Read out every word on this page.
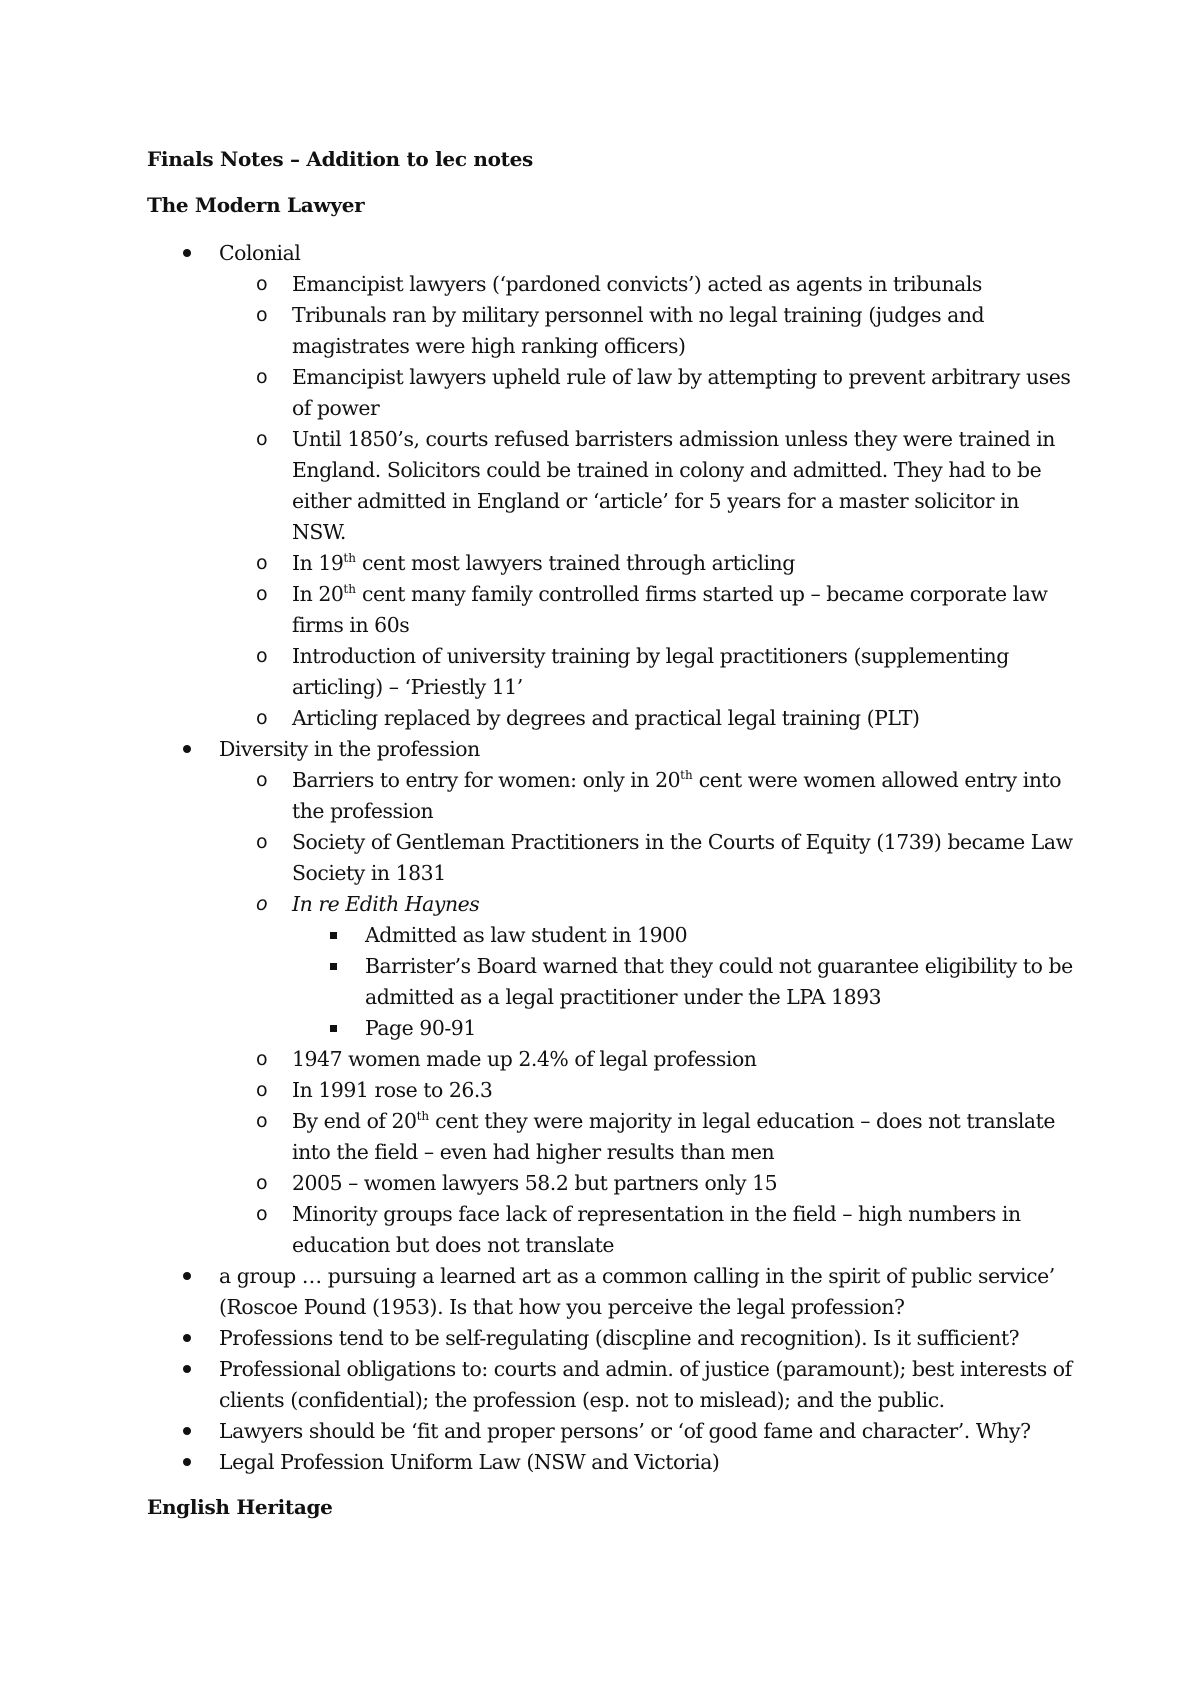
Finals Notes – Addition to lec notes
The Modern Lawyer
Colonial
o Emancipist lawyers (‘pardoned convicts’) acted as agents in tribunals
o Tribunals ran by military personnel with no legal training (judges and magistrates were high ranking officers)
o Emancipist lawyers upheld rule of law by attempting to prevent arbitrary uses of power
o Until 1850’s, courts refused barristers admission unless they were trained in England. Solicitors could be trained in colony and admitted. They had to be either admitted in England or ‘article’ for 5 years for a master solicitor in NSW.
o In 19th cent most lawyers trained through articling
o In 20th cent many family controlled firms started up – became corporate law firms in 60s
o Introduction of university training by legal practitioners (supplementing articling) – ‘Priestly 11’
o Articling replaced by degrees and practical legal training (PLT)
Diversity in the profession
o Barriers to entry for women: only in 20th cent were women allowed entry into the profession
o Society of Gentleman Practitioners in the Courts of Equity (1739) became Law Society in 1831
o In re Edith Haynes
Admitted as law student in 1900
Barrister’s Board warned that they could not guarantee eligibility to be admitted as a legal practitioner under the LPA 1893
Page 90-91
o 1947 women made up 2.4% of legal profession
o In 1991 rose to 26.3
o By end of 20th cent they were majority in legal education – does not translate into the field – even had higher results than men
o 2005 – women lawyers 58.2 but partners only 15
o Minority groups face lack of representation in the field – high numbers in education but does not translate
a group … pursuing a learned art as a common calling in the spirit of public service’ (Roscoe Pound (1953). Is that how you perceive the legal profession?
Professions tend to be self-regulating (discpline and recognition). Is it sufficient?
Professional obligations to: courts and admin. of justice (paramount); best interests of clients (confidential); the profession (esp. not to mislead); and the public.
Lawyers should be ‘fit and proper persons’ or ‘of good fame and character’. Why?
Legal Profession Uniform Law (NSW and Victoria)
English Heritage
